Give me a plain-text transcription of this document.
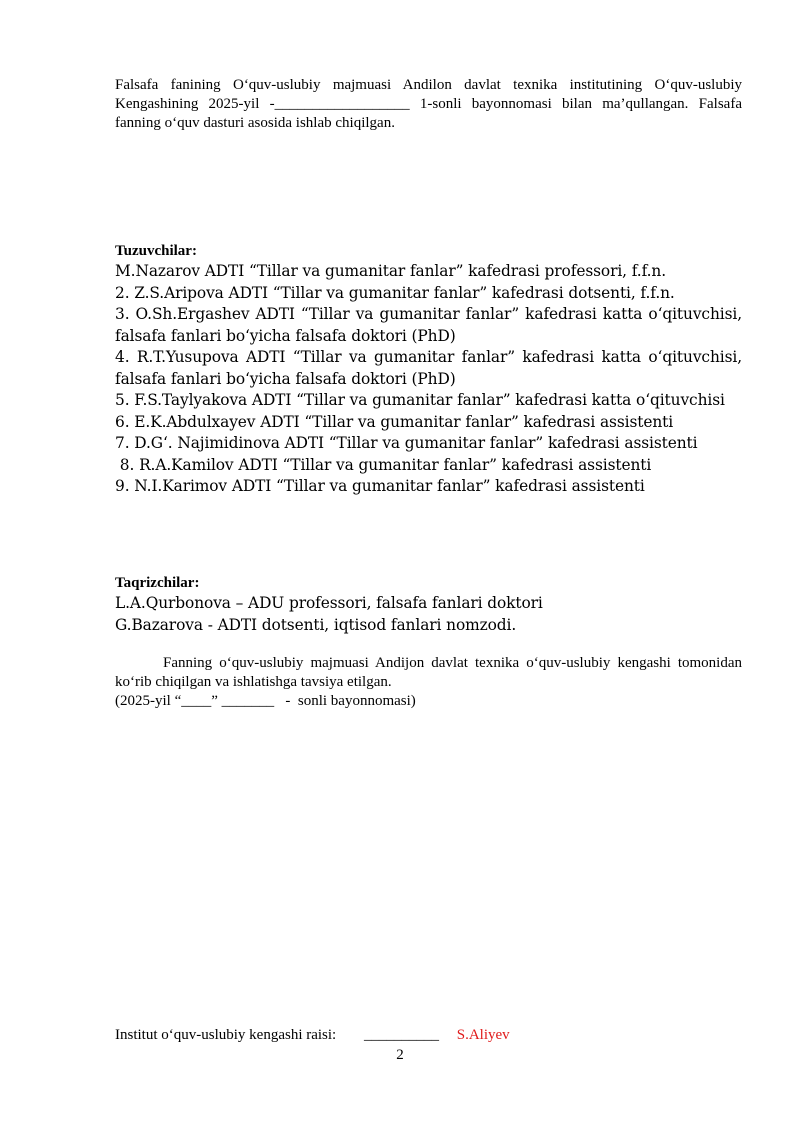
Falsafa fanining O‘quv-uslubiy majmuasi Andilon davlat texnika institutining O‘quv-uslubiy Kengashining 2025-yil -__________________ 1-sonli bayonnomasi bilan ma’qullangan. Falsafa fanning o‘quv dasturi asosida ishlab chiqilgan.
Tuzuvchilar:
M.Nazarov ADTI “Tillar va gumanitar fanlar” kafedrasi professori, f.f.n.
2. Z.S.Aripova ADTI “Tillar va gumanitar fanlar” kafedrasi dotsenti, f.f.n.
3. O.Sh.Ergashev ADTI “Tillar va gumanitar fanlar” kafedrasi katta o‘qituvchisi, falsafa fanlari bo‘yicha falsafa doktori (PhD)
4. R.T.Yusupova ADTI “Tillar va gumanitar fanlar” kafedrasi katta o‘qituvchisi, falsafa fanlari bo‘yicha falsafa doktori (PhD)
5. F.S.Taylyakova ADTI “Tillar va gumanitar fanlar” kafedrasi katta o‘qituvchisi
6. E.K.Abdulxayev ADTI “Tillar va gumanitar fanlar” kafedrasi assistenti
7. D.G‘. Najimidinova ADTI “Tillar va gumanitar fanlar” kafedrasi assistenti
8. R.A.Kamilov ADTI “Tillar va gumanitar fanlar” kafedrasi assistenti
9. N.I.Karimov ADTI “Tillar va gumanitar fanlar” kafedrasi assistenti
Taqrizchilar:
L.A.Qurbonova – ADU professori, falsafa fanlari doktori
G.Bazarova - ADTI dotsenti, iqtisod fanlari nomzodi.
Fanning o‘quv-uslubiy majmuasi Andijon davlat texnika o‘quv-uslubiy kengashi tomonidan ko‘rib chiqilgan va ishlatishga tavsiya etilgan.
(2025-yil “____” _______   -  sonli bayonnomasi)
Institut o‘quv-uslubiy kengashi raisi: __________ S.Aliyev
2
